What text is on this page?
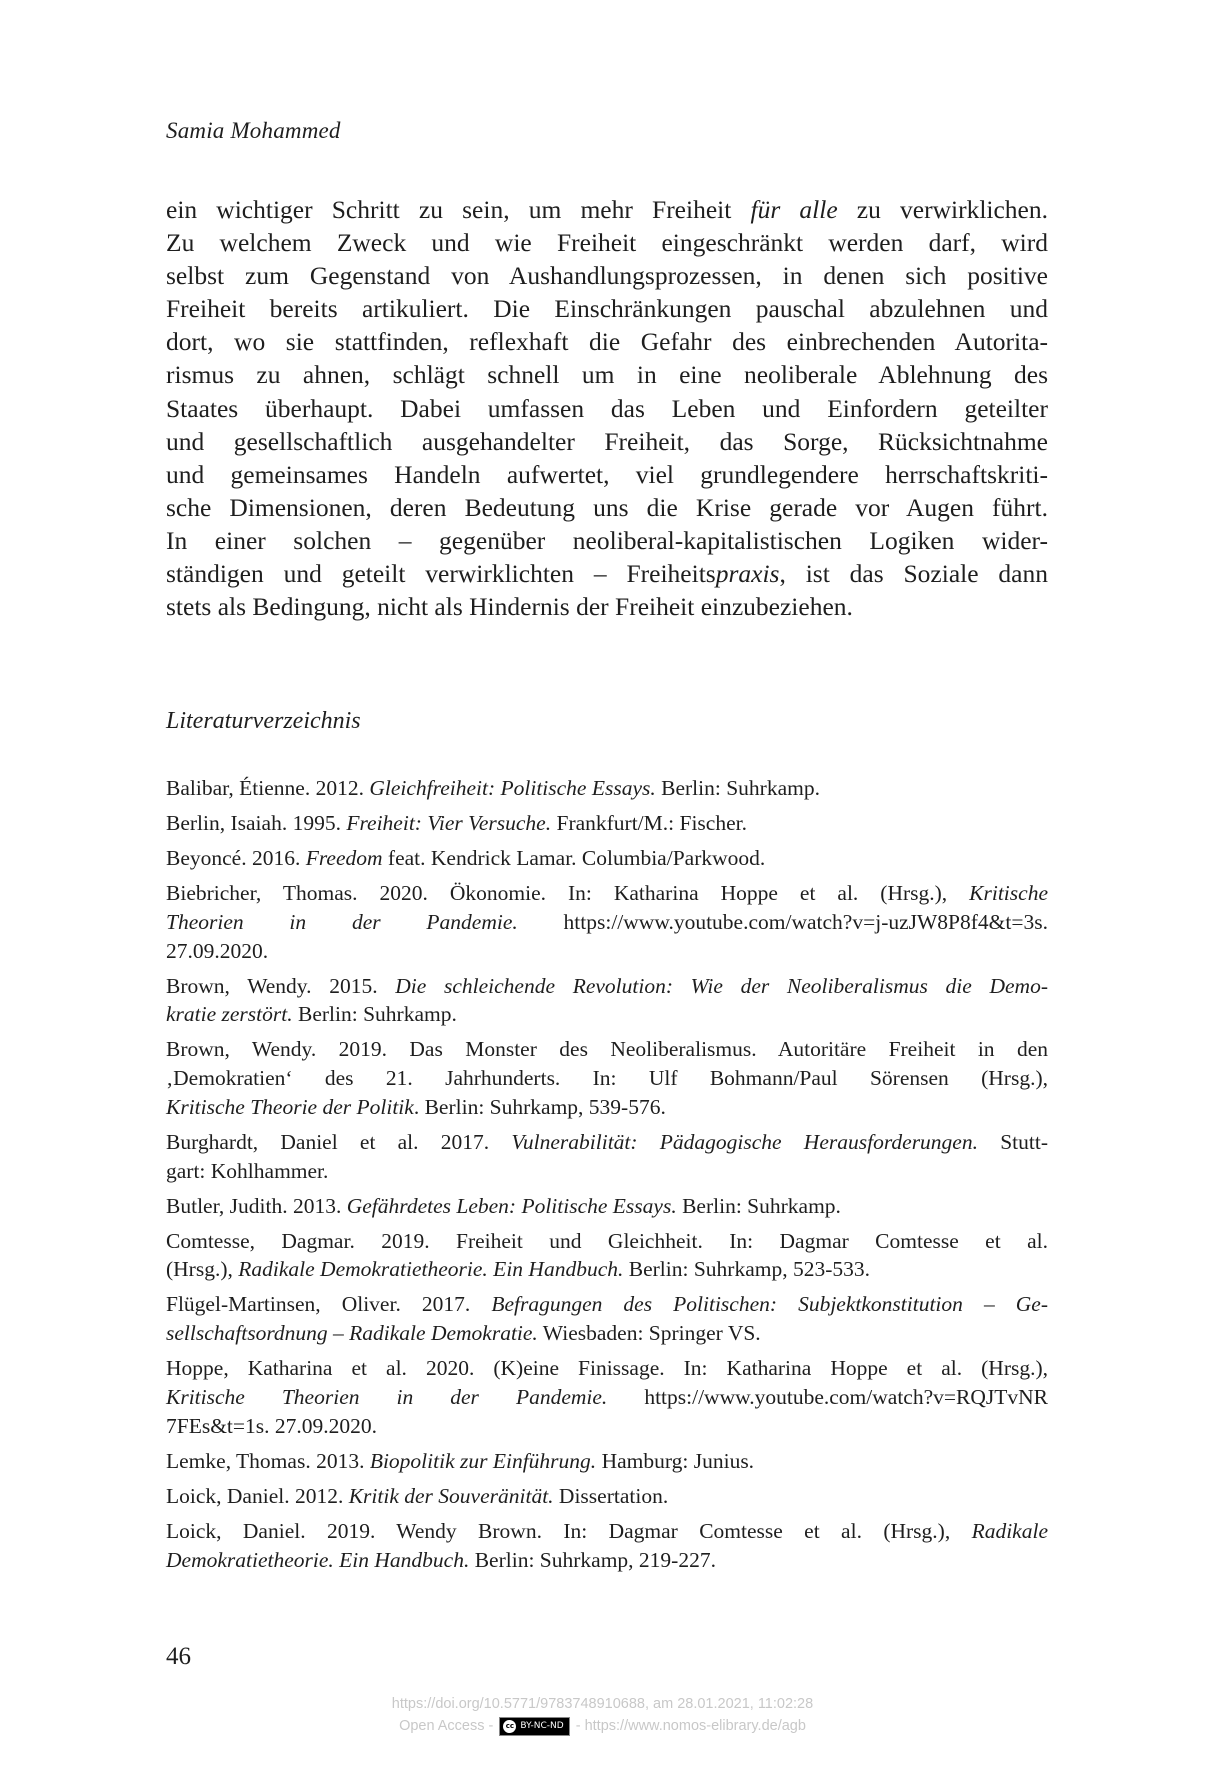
Samia Mohammed
ein wichtiger Schritt zu sein, um mehr Freiheit für alle zu verwirklichen.
Zu welchem Zweck und wie Freiheit eingeschränkt werden darf, wird
selbst zum Gegenstand von Aushandlungsprozessen, in denen sich positive
Freiheit bereits artikuliert. Die Einschränkungen pauschal abzulehnen und
dort, wo sie stattfinden, reflexhaft die Gefahr des einbrechenden Autorita-
rismus zu ahnen, schlägt schnell um in eine neoliberale Ablehnung des
Staates überhaupt. Dabei umfassen das Leben und Einfordern geteilter
und gesellschaftlich ausgehandelter Freiheit, das Sorge, Rücksichtnahme
und gemeinsames Handeln aufwertet, viel grundlegendere herrschaftskriti-
sche Dimensionen, deren Bedeutung uns die Krise gerade vor Augen führt.
In einer solchen – gegenüber neoliberal-kapitalistischen Logiken wider-
ständigen und geteilt verwirklichten – Freiheitspraxis, ist das Soziale dann
stets als Bedingung, nicht als Hindernis der Freiheit einzubeziehen.
Literaturverzeichnis
Balibar, Étienne. 2012. Gleichfreiheit: Politische Essays. Berlin: Suhrkamp.
Berlin, Isaiah. 1995. Freiheit: Vier Versuche. Frankfurt/M.: Fischer.
Beyoncé. 2016. Freedom feat. Kendrick Lamar. Columbia/Parkwood.
Biebricher, Thomas. 2020. Ökonomie. In: Katharina Hoppe et al. (Hrsg.), Kritische
Theorien in der Pandemie. https://www.youtube.com/watch?v=j-uzJW8P8f4&t=3s.
27.09.2020.
Brown, Wendy. 2015. Die schleichende Revolution: Wie der Neoliberalismus die Demo-
kratie zerstört. Berlin: Suhrkamp.
Brown, Wendy. 2019. Das Monster des Neoliberalismus. Autoritäre Freiheit in den
‚Demokratien‘ des 21. Jahrhunderts. In: Ulf Bohmann/Paul Sörensen (Hrsg.),
Kritische Theorie der Politik. Berlin: Suhrkamp, 539-576.
Burghardt, Daniel et al. 2017. Vulnerabilität: Pädagogische Herausforderungen. Stutt-
gart: Kohlhammer.
Butler, Judith. 2013. Gefährdetes Leben: Politische Essays. Berlin: Suhrkamp.
Comtesse, Dagmar. 2019. Freiheit und Gleichheit. In: Dagmar Comtesse et al.
(Hrsg.), Radikale Demokratietheorie. Ein Handbuch. Berlin: Suhrkamp, 523-533.
Flügel-Martinsen, Oliver. 2017. Befragungen des Politischen: Subjektkonstitution – Ge-
sellschaftsordnung – Radikale Demokratie. Wiesbaden: Springer VS.
Hoppe, Katharina et al. 2020. (K)eine Finissage. In: Katharina Hoppe et al. (Hrsg.),
Kritische Theorien in der Pandemie. https://www.youtube.com/watch?v=RQJTvNR
7FEs&t=1s. 27.09.2020.
Lemke, Thomas. 2013. Biopolitik zur Einführung. Hamburg: Junius.
Loick, Daniel. 2012. Kritik der Souveränität. Dissertation.
Loick, Daniel. 2019. Wendy Brown. In: Dagmar Comtesse et al. (Hrsg.), Radikale
Demokratietheorie. Ein Handbuch. Berlin: Suhrkamp, 219-227.
46
https://doi.org/10.5771/9783748910688, am 28.01.2021, 11:02:28
Open Access - cc BY-NC-ND - https://www.nomos-elibrary.de/agb
